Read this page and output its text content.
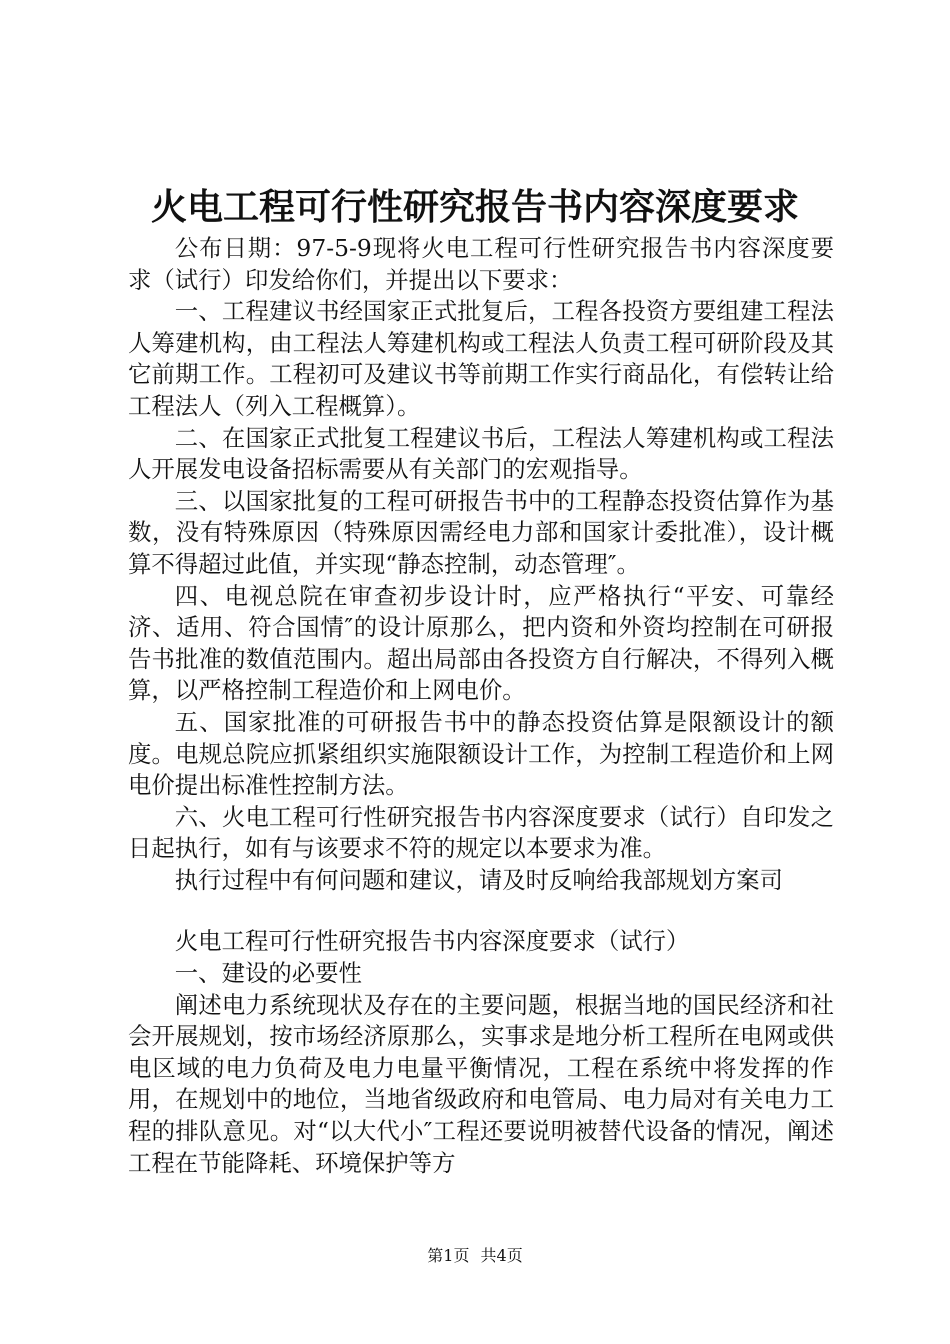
火电工程可行性研究报告书内容深度要求

公布日期：97-5-9现将火电工程可行性研究报告书内容深度要求（试行）印发给你们，并提出以下要求：

一、工程建议书经国家正式批复后，工程各投资方要组建工程法人筹建机构，由工程法人筹建机构或工程法人负责工程可研阶段及其它前期工作。工程初可及建议书等前期工作实行商品化，有偿转让给工程法人（列入工程概算）。

二、在国家正式批复工程建议书后，工程法人筹建机构或工程法人开展发电设备招标需要从有关部门的宏观指导。

三、以国家批复的工程可研报告书中的工程静态投资估算作为基数，没有特殊原因（特殊原因需经电力部和国家计委批准），设计概算不得超过此值，并实现“静态控制，动态管理″。

四、电视总院在审查初步设计时，应严格执行“平安、可靠经济、适用、符合国情″的设计原那么，把内资和外资均控制在可研报告书批准的数值范围内。超出局部由各投资方自行解决，不得列入概算，以严格控制工程造价和上网电价。

五、国家批准的可研报告书中的静态投资估算是限额设计的额度。电规总院应抓紧组织实施限额设计工作，为控制工程造价和上网电价提出标准性控制方法。

六、火电工程可行性研究报告书内容深度要求（试行）自印发之日起执行，如有与该要求不符的规定以本要求为准。

执行过程中有何问题和建议，请及时反响给我部规划方案司

火电工程可行性研究报告书内容深度要求（试行）

一、建设的必要性

阐述电力系统现状及存在的主要问题，根据当地的国民经济和社会开展规划，按市场经济原那么，实事求是地分析工程所在电网或供电区域的电力负荷及电力电量平衡情况，工程在系统中将发挥的作用，在规划中的地位，当地省级政府和电管局、电力局对有关电力工程的排队意见。对“以大代小″工程还要说明被替代设备的情况，阐述工程在节能降耗、环境保护等方

第1页 共4页
